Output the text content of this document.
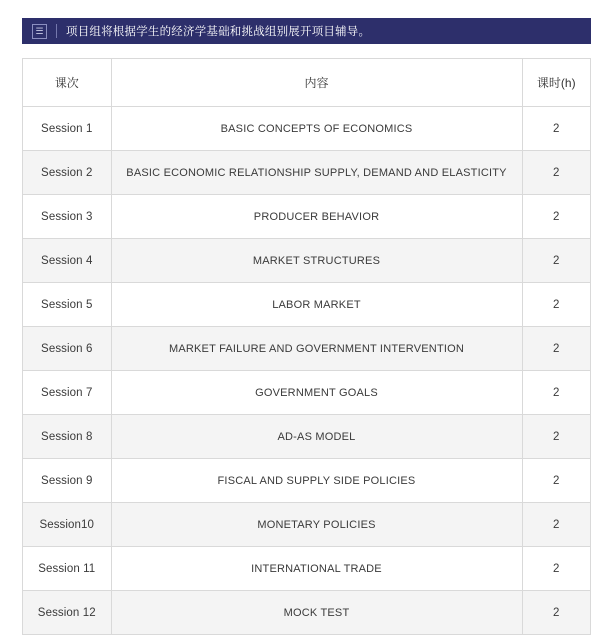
☰	项目组将根据学生的经济学基础和挑战组别展开项目辅导。
课次	内容	课时(h)
Session 1	BASIC CONCEPTS OF ECONOMICS	2
Session 2	BASIC ECONOMIC RELATIONSHIP SUPPLY, DEMAND AND ELASTICITY	2
Session 3	PRODUCER BEHAVIOR	2
Session 4	MARKET STRUCTURES	2
Session 5	LABOR MARKET	2
Session 6	MARKET FAILURE AND GOVERNMENT INTERVENTION	2
Session 7	GOVERNMENT GOALS	2
Session 8	AD-AS MODEL	2
Session 9	FISCAL AND SUPPLY SIDE POLICIES	2
Session10	MONETARY POLICIES	2
Session 11	INTERNATIONAL TRADE	2
Session 12	MOCK TEST	2
